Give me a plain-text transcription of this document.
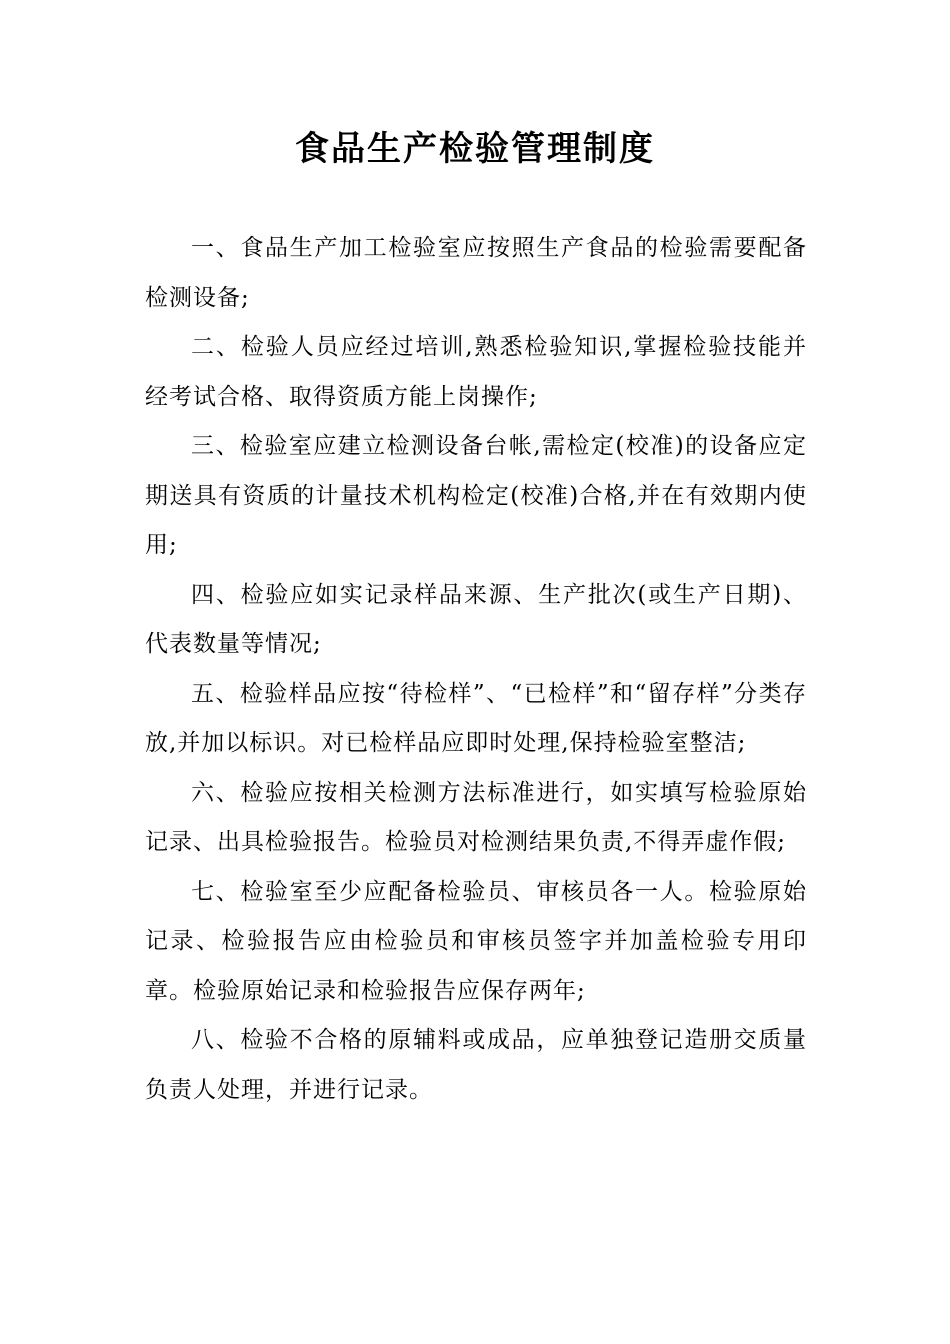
食品生产检验管理制度

一、食品生产加工检验室应按照生产食品的检验需要配备检测设备;

二、检验人员应经过培训,熟悉检验知识,掌握检验技能并经考试合格、取得资质方能上岗操作;

三、检验室应建立检测设备台帐,需检定(校准)的设备应定期送具有资质的计量技术机构检定(校准)合格,并在有效期内使用;

四、检验应如实记录样品来源、生产批次(或生产日期)、代表数量等情况;

五、检验样品应按“待检样”、“已检样”和“留存样”分类存放,并加以标识。对已检样品应即时处理,保持检验室整洁;

六、检验应按相关检测方法标准进行，如实填写检验原始记录、出具检验报告。检验员对检测结果负责,不得弄虚作假;

七、检验室至少应配备检验员、审核员各一人。检验原始记录、检验报告应由检验员和审核员签字并加盖检验专用印章。检验原始记录和检验报告应保存两年;

八、检验不合格的原辅料或成品，应单独登记造册交质量负责人处理，并进行记录。
